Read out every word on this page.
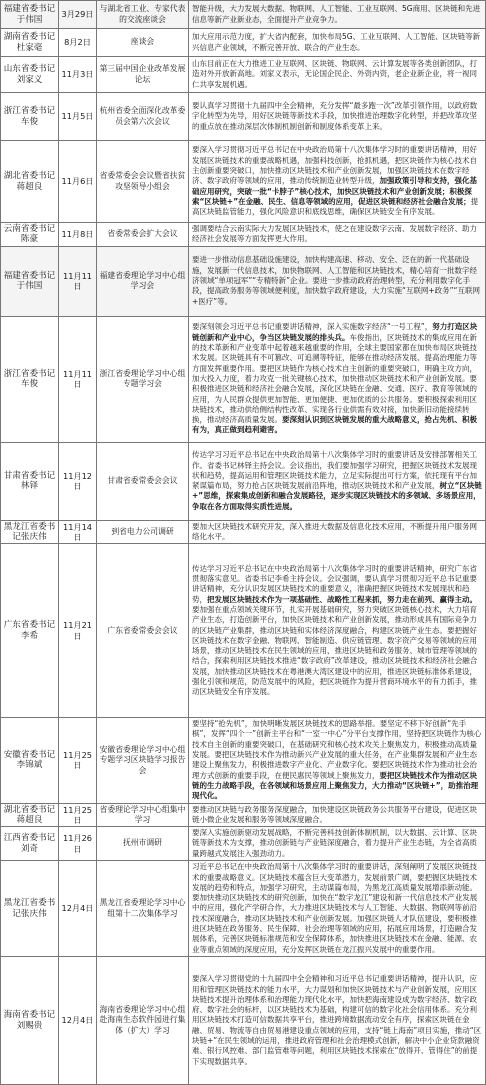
福建省委书记于伟国	3月29日	与湖北省工业、专家代表的交流座谈会	智能升级，大力发展大数据、物联网、人工智能、工业互联网、5G商用、区块链和先进信息等新产业新业态，全面提升产业竞争力。
湖南省委书记杜家毫	8月2日	座谈会	加大应用示范力度，扩大省内配套，加快布局5G、工业互联网、人工智能、区块链等新兴信息产业领域，不断完善开放、联合的产业生态。
山东省委书记刘家义	11月3日	第三届中国企业改革发展论坛	山东目前正在大力推进工业互联网、区块链、物联网、云计算发展等各类创新团队，打造对外开放新高地。刘家义表示，无论国企民企、外资内资，老企业新企业，将一视同仁共享发展机遇。
浙江省委书记车俊	11月5日	杭州省委全面深化改革委员会第六次会议	要认真学习贯彻十九届四中全会精神，充分发挥“最多跑一次”改革引领作用，以政府数字化转型为先导，用好区块链等新技术手段，加快推进治理数字化转型，并把改革攻坚的重点放在推动深层次体制机制创新和制度体系变革上来。
湖北省委书记蒋超良	11月6日	省委常委会会议暨省扶贫攻坚领导小组会	要深入学习贯彻习近平总书记在中央政治局第十八次集体学习时的重要讲话精神，用好发展区块链技术的重要战略机遇，加强科技创新，抢抓机遇，把区块链作为核心技术自主创新重要突破口，加快推动区块链技术和产业创新发展，加强区块链技术在数字经济、数字政府等领域的应用，推动传统制造业转型升级，加强政策引导和支持，强化基础应用研究，突破一批“卡脖子”核心技术，加快区块链技术和产业创新发展；积极探索“区块链+”在金融、民生、信息等领域的应用，促进区块链和经济社会融合发展；提高区块链监管能力，强化风险意识和底线思维，确保区块链安全有序发展。
云南省委书记陈豪	11月8日	省委常委会扩大会议	强调要结合云南实际大力发展区块链技术，使之在建设数字云南、发展数字经济、助力经济社会发展等方面发挥更大作用。
福建省委书记于伟国	11月11日	福建省委理论学习中心组学习会	要进一步推动信息基础设施建设，加快构建高速、移动、安全、泛在的新一代基础设施，发展新一代信息技术，加快物联网、人工智能和区块链技术，精心培育一批数字经济领域“单项冠军”“专精特新”企业。要进一步推动政府治理转型，充分利用数字化手段，提高政务服务等领域便利度，加快数字政府建设，大力实施“互联网+政务”“互联网+医疗”等。
浙江省委书记车俊	11月11日	浙江省委理论学习中心组专题学习会	要深刻领会习近平总书记重要讲话精神，深入实施数字经济“一号工程”，努力打造区块链创新和产业中心，争当区块链发展的排头兵。车俊指出，区块链技术的集成应用在新的技术革新和产业变革中起着越来越重要的作用，全球主要国家都在加快布局区块链技术发展。区块链具有不可篡改、可追溯等特征，能够在推动经济发展、提高治理能力等方面发挥重要作用。要把区块链作为核心技术自主创新的重要突破口，明确主攻方向，加大投入力度，着力攻克一批关键核心技术，加快推动区块链技术和产业创新发展。要积极推进区块链和经济社会融合发展，深化区块链在金融、交通、医疗、教育等领域的应用，为人民群众提供更加智能、更加便捷、更加优质的公共服务。要积极探索利用区块链技术，推动供给侧结构性改革、实现各行业供需有效对接，加快新旧动能接续转换，推动经济高质量发展。要深刻认识到区块链发展的重大战略意义，抢占先机、积极有为，真正做到趋利避害。
甘肃省委书记林铎	11月12日	甘肃省委常委会会议	传达学习习近平总书记在中央政治局第十八次集体学习时的重要讲话及安排部署相关工作。省委书记林铎主持会议。会议指出，我们要加强学习研究，把握区块链技术发展现状和趋势，提高运用和管理区块链技术能力，立足实际提出可行方案，依托现有平台加紧谋篇布局，努力抢占区块链发展前沿阵地，推动区块链技术和产业发展，树立“区块链+”思维，探索集成创新和融合发展路径，逐步实现区块链技术的多领域、多场景应用，争取在各方面取得实质性进展。
黑龙江省委书记张庆伟	11月14日	到省电力公司调研	要加大区块链技术研究开发，深入推进大数据及信息化技术应用，不断提升用户服务网络化水平。
广东省委书记李希	11月21日	广东省委常委会会议	传达学习习近平总书记在中央政治局第十八次集体学习时的重要讲话精神，研究广东省贯彻落实意见。省委书记李希主持会议。会议强调，要认真学习贯彻习近平总书记重要讲话精神，充分认识发展区块链技术的重要意义，准确把握区块链技术发展现状和趋势，把发展区块链技术作为一项基础性、战略性工程来抓，努力走在前列、赢得主动。要加强在重点领域关键环节，扎实开展基础研究，努力突破区块链核心技术，大力培育产业生态，打造创新平台，加快区块链技术和产业创新发展，推动形成具有国际竞争力的区块链产业集群，推动区块链和实体经济深度融合，构建区块链产业生态。要把握好区块链技术在数字金融、物联网、智能制造、供应链管理、数字资产交易等领域的应用场景，推动区块链技术在民生领域的应用，推进区块链和政务服务、城市管理等领域的结合，探索利用区块链技术推进“数字政府”改革建设，推动区块链技术和经济社会融合发展，加快推动区块链技术在粤港澳大湾区建设中的应用，推进区块链标准体系建设，强化引领和规范，防范发展中的风险，把区块链作为提升营商环境水平的有力抓手，推动区块链安全有序发展。
安徽省委书记李锦斌	11月25日	安徽省委理论学习中心组专题学习区块链学习报告会	要坚持“抢先机”，加快明晰发展区块链技术的思路举措。要坚定不移下好创新“先手棋”，发挥“四个一”创新主平台和“一室一中心”分平台支撑作用，坚持把区块链作为核心技术自主创新的重要突破口，在基础研究和核心技术攻关上聚焦发力，积极推动高质量发展。要把区块链技术作为推动新兴产业发展的重大任务，在产业集群发展和产业生态建设上聚焦发力，积极推进数字产业化、产业数字化。要把区块链技术作为推动社会治理方式创新的重要手段，在便民惠民等领域上聚焦发力，要把区块链技术作为推动区块链的生力战略手段，在各领域和场景应用上聚焦发力，大力推动“区块链+”，助推治理现代化。
湖北省委书记蒋超良	11月25日	省委理论学习中心组集中学习	要推动区块链与政务服务深度融合，加快建设区块链政务公共服务平台建设，促进区块链小微企业发展和服务等领域深度融合。
江西省委书记刘奇	11月26日	抚州市调研	要深入实施创新驱动发展战略，不断完善科技创新体制机制，以大数据、云计算、区块链等新技术为支撑，推动创新链与产业链深度融合，着力提升产业生态链，为全省高质量跨越式发展注入强劲动力。
黑龙江省委书记张庆伟	12月4日	黑龙江省委理论学习中心组第十二次集体学习	习近平总书记在中央政治局第十八次集体学习时的重要讲话，深刻阐明了发展区块链技术的重要战略意义。区块链技术蕴含巨大变革潜力，发展前景广阔，要把握区块链技术发展的趋势和特点，加强学习研究，主动谋篇布局，为黑龙江高质量发展增添新动能。要加快推动区块链技术的研究创新，加快在“数字龙江”建设和新一代信息技术产业发展中的应用，强化产学研合作，大力推进区块链技术与人工智能、大数据、物联网等前沿技术深度融合，推动区块链技术和产业创新发展。加强区块链人才队伍建设，要积极推进区块链在政务服务、民生保障、社会治理等领域的应用，拓展应用场景，打造融合发展体系，完善区块链标准规范和安全保障体系，加快推进区块链技术在金融、能源、农业等重点领域的深度应用，充分发挥区块链在龙江振兴发展中的重要作用。
海南省委书记刘赐贵	12月4日	海南省委理论学习中心组赴海南生态软件园进行集体（扩大）学习	要深入学习贯彻党的十九届四中全会精神和习近平总书记重要讲话精神，提升认识，应用和管理区块链技术的能力水平，大力谋划和加快区块链技术与产业创新发展，应用区块链技术提升治理体系和治理能力现代化水平，加快把海南建设成为数字经济、数字政府、数字社会的标杆，以区块链技术为基础，构建可信的数字化社会信用体系。充分利用区块链技术打造可信数据共享平台，推进跨境数据流动安全有序，探索区块链在金融、贸易、物流等自由贸易港建设重点领域的应用，支持“链上海南”项目实施，推动“区块链+”在民生领域的运用，推进政府管理和社会治理模式创新，解决中小企业贷款融资难、银行风控难、部门监管难等问题，利用区块链技术探索在“放得开、管得住”的前提下实现数据共享。
